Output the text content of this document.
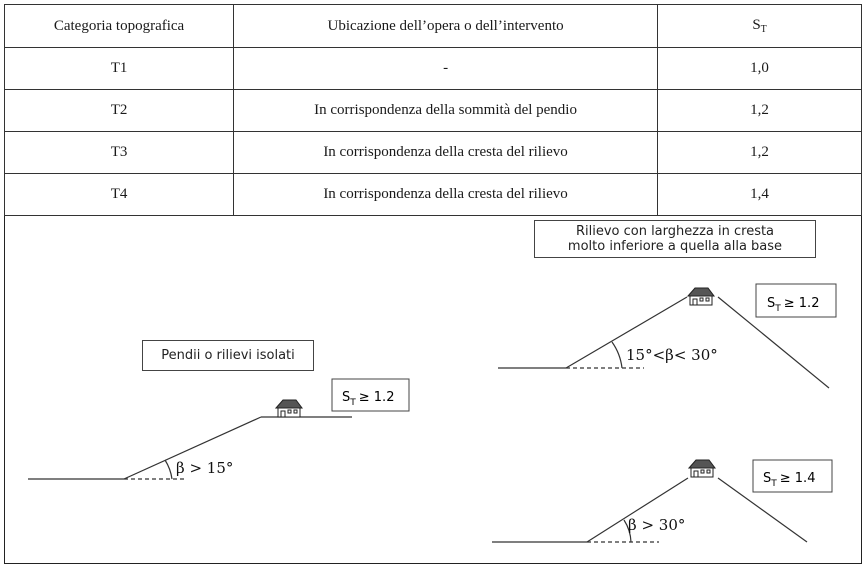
Categoria topografica	Ubicazione dell’opera o dell’intervento	$S_T$
T1	-	1,0
T2	In corrispondenza della sommità del pendio	1,2
T3	In corrispondenza della cresta del rilievo	1,2
T4	In corrispondenza della cresta del rilievo	1,4
Pendii o rilievi isolati
Rilievo con larghezza in cresta
molto inferiore a quella alla base
β > 15°
$S_T \ge 1.2$
15°<β< 30°
$S_T \ge 1.2$
β > 30°
$S_T \ge 1.4$
